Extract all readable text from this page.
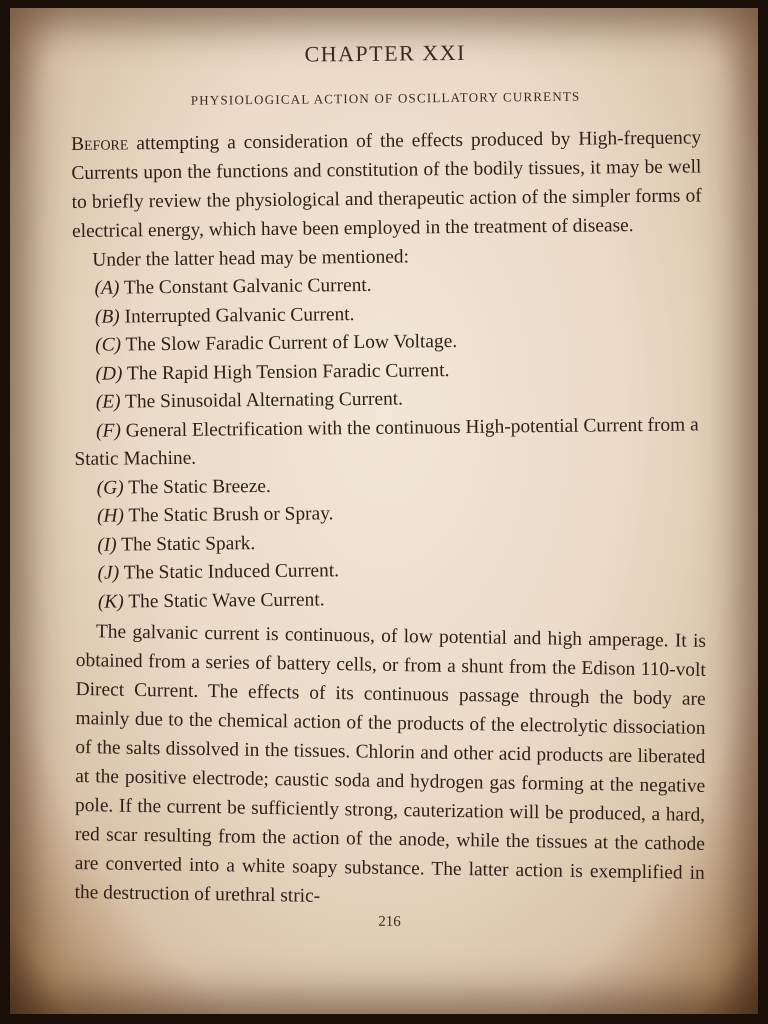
CHAPTER XXI
PHYSIOLOGICAL ACTION OF OSCILLATORY CURRENTS

Before attempting a consideration of the effects produced by High-frequency Currents upon the functions and constitution of the bodily tissues, it may be well to briefly review the physiological and therapeutic action of the simpler forms of electrical energy, which have been employed in the treatment of disease.

Under the latter head may be mentioned:

(A) The Constant Galvanic Current.

(B) Interrupted Galvanic Current.

(C) The Slow Faradic Current of Low Voltage.

(D) The Rapid High Tension Faradic Current.

(E) The Sinusoidal Alternating Current.

(F) General Electrification with the continuous High-potential Current from a Static Machine.

(G) The Static Breeze.

(H) The Static Brush or Spray.

(I) The Static Spark.

(J) The Static Induced Current.

(K) The Static Wave Current.

The galvanic current is continuous, of low potential and high amperage. It is obtained from a series of battery cells, or from a shunt from the Edison 110-volt Direct Current. The effects of its continuous passage through the body are mainly due to the chemical action of the products of the electrolytic dissociation of the salts dissolved in the tissues. Chlorin and other acid products are liberated at the positive electrode; caustic soda and hydrogen gas forming at the negative pole. If the current be sufficiently strong, cauterization will be produced, a hard, red scar resulting from the action of the anode, while the tissues at the cathode are converted into a white soapy substance. The latter action is exemplified in the destruction of urethral stric-

216
